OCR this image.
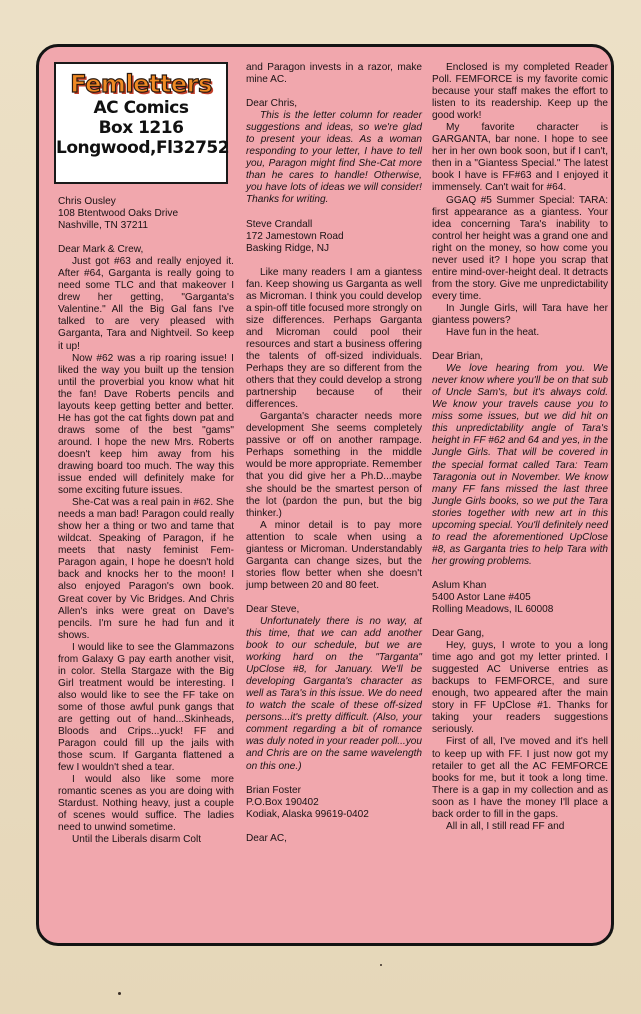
Femletters
AC Comics
Box 1216
Longwood,Fl32752

Chris Ousley
108 Btentwood Oaks Drive
Nashville, TN 37211

Dear Mark & Crew,

Just got #63 and really enjoyed it. After #64, Garganta is really going to need some TLC and that makeover I drew her getting, "Garganta's Valentine." All the Big Gal fans I've talked to are very pleased with Garganta, Tara and Nightveil. So keep it up!

Now #62 was a rip roaring issue! I liked the way you built up the tension until the proverbial you know what hit the fan! Dave Roberts pencils and layouts keep getting better and better. He has got the cat fights down pat and draws some of the best "gams" around. I hope the new Mrs. Roberts doesn't keep him away from his drawing board too much. The way this issue ended will definitely make for some exciting future issues.

She-Cat was a real pain in #62. She needs a man bad! Paragon could really show her a thing or two and tame that wildcat. Speaking of Paragon, if he meets that nasty feminist Fem-Paragon again, I hope he doesn't hold back and knocks her to the moon! I also enjoyed Paragon's own book. Great cover by Vic Bridges. And Chris Allen's inks were great on Dave's pencils. I'm sure he had fun and it shows.

I would like to see the Glammazons from Galaxy G pay earth another visit, in color. Stella Stargaze with the Big Girl treatment would be interesting. I also would like to see the FF take on some of those awful punk gangs that are getting out of hand...Skinheads, Bloods and Crips...yuck! FF and Paragon could fill up the jails with those scum. If Garganta flattened a few I wouldn't shed a tear.

I would also like some more romantic scenes as you are doing with Stardust. Nothing heavy, just a couple of scenes would suffice. The ladies need to unwind sometime.

Until the Liberals disarm Colt

and Paragon invests in a razor, make mine AC.

Dear Chris,

This is the letter column for reader suggestions and ideas, so we're glad to present your ideas. As a woman responding to your letter, I have to tell you, Paragon might find She-Cat more than he cares to handle! Otherwise, you have lots of ideas we will consider! Thanks for writing.

Steve Crandall
172 Jamestown Road
Basking Ridge, NJ

Like many readers I am a giantess fan. Keep showing us Garganta as well as Microman. I think you could develop a spin-off title focused more strongly on size differences. Perhaps Garganta and Microman could pool their resources and start a business offering the talents of off-sized individuals. Perhaps they are so different from the others that they could develop a strong partnership because of their differences.

Garganta's character needs more development She seems completely passive or off on another rampage. Perhaps something in the middle would be more appropriate. Remember that you did give her a Ph.D...maybe she should be the smartest person of the lot (pardon the pun, but the big thinker.)

A minor detail is to pay more attention to scale when using a giantess or Microman. Understandably Garganta can change sizes, but the stories flow better when she doesn't jump between 20 and 80 feet.

Dear Steve,

Unfortunately there is no way, at this time, that we can add another book to our schedule, but we are working hard on the "Targanta" UpClose #8, for January. We'll be developing Garganta's character as well as Tara's in this issue. We do need to watch the scale of these off-sized persons...it's pretty difficult. (Also, your comment regarding a bit of romance was duly noted in your reader poll...you and Chris are on the same wavelength on this one.)

Brian Foster
P.O.Box 190402
Kodiak, Alaska 99619-0402

Dear AC,

Enclosed is my completed Reader Poll. FEMFORCE is my favorite comic because your staff makes the effort to listen to its readership. Keep up the good work!

My favorite character is GARGANTA, bar none. I hope to see her in her own book soon, but if I can't, then in a "Giantess Special." The latest book I have is FF#63 and I enjoyed it immensely. Can't wait for #64.

GGAQ #5 Summer Special: TARA: first appearance as a giantess. Your idea concerning Tara's inability to control her height was a grand one and right on the money, so how come you never used it? I hope you scrap that entire mind-over-height deal. It detracts from the story. Give me unpredictability every time.

In Jungle Girls, will Tara have her giantess powers?

Have fun in the heat.

Dear Brian,

We love hearing from you. We never know where you'll be on that sub of Uncle Sam's, but it's always cold. We know your travels cause you to miss some issues, but we did hit on this unpredictability angle of Tara's height in FF #62 and 64 and yes, in the Jungle Girls. That will be covered in the special format called Tara: Team Taragonia out in November. We know many FF fans missed the last three Jungle Girls books, so we put the Tara stories together with new art in this upcoming special. You'll definitely need to read the aforementioned UpClose #8, as Garganta tries to help Tara with her growing problems.

Aslum Khan
5400 Astor Lane #405
Rolling Meadows, IL 60008

Dear Gang,

Hey, guys, I wrote to you a long time ago and got my letter printed. I suggested AC Universe entries as backups to FEMFORCE, and sure enough, two appeared after the main story in FF UpClose #1. Thanks for taking your readers suggestions seriously.

First of all, I've moved and it's hell to keep up with FF. I just now got my retailer to get all the AC FEMFORCE books for me, but it took a long time. There is a gap in my collection and as soon as I have the money I'll place a back order to fill in the gaps.

All in all, I still read FF and
